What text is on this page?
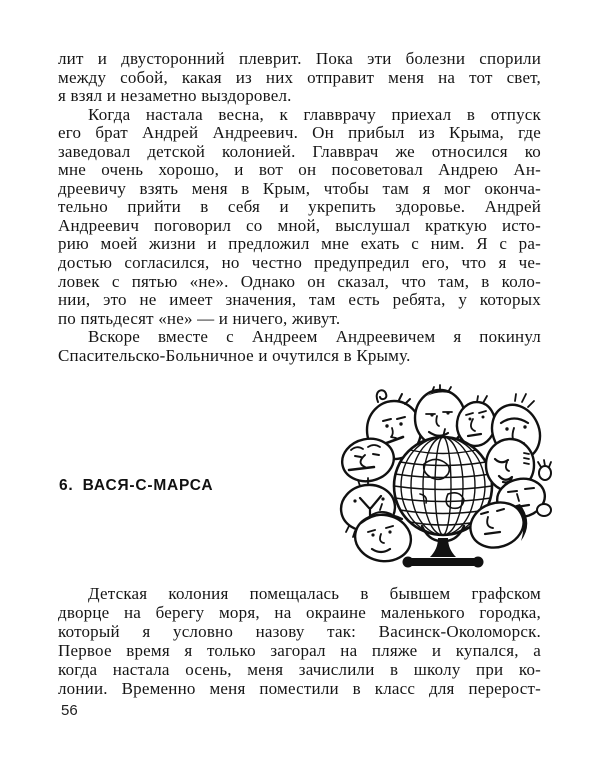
лит и двусторонний плеврит. Пока эти болезни спорили
между собой, какая из них отправит меня на тот свет,
я взял и незаметно выздоровел.
Когда настала весна, к главврачу приехал в отпуск
его брат Андрей Андреевич. Он прибыл из Крыма, где
заведовал детской колонией. Главврач же относился ко
мне очень хорошо, и вот он посоветовал Андрею Ан-
дреевичу взять меня в Крым, чтобы там я мог оконча-
тельно прийти в себя и укрепить здоровье. Андрей
Андреевич поговорил со мной, выслушал краткую исто-
рию моей жизни и предложил мне ехать с ним. Я с ра-
достью согласился, но честно предупредил его, что я че-
ловек с пятью «не». Однако он сказал, что там, в коло-
нии, это не имеет значения, там есть ребята, у которых
по пятьдесят «не» — и ничего, живут.
Вскоре вместе с Андреем Андреевичем я покинул
Спасительско-Больничное и очутился в Крыму.
6. ВАСЯ-С-МАРСА
Детская колония помещалась в бывшем графском
дворце на берегу моря, на окраине маленького городка,
который я условно назову так: Васинск-Околоморск.
Первое время я только загорал на пляже и купался, а
когда настала осень, меня зачислили в школу при ко-
лонии. Временно меня поместили в класс для перерост-
56
